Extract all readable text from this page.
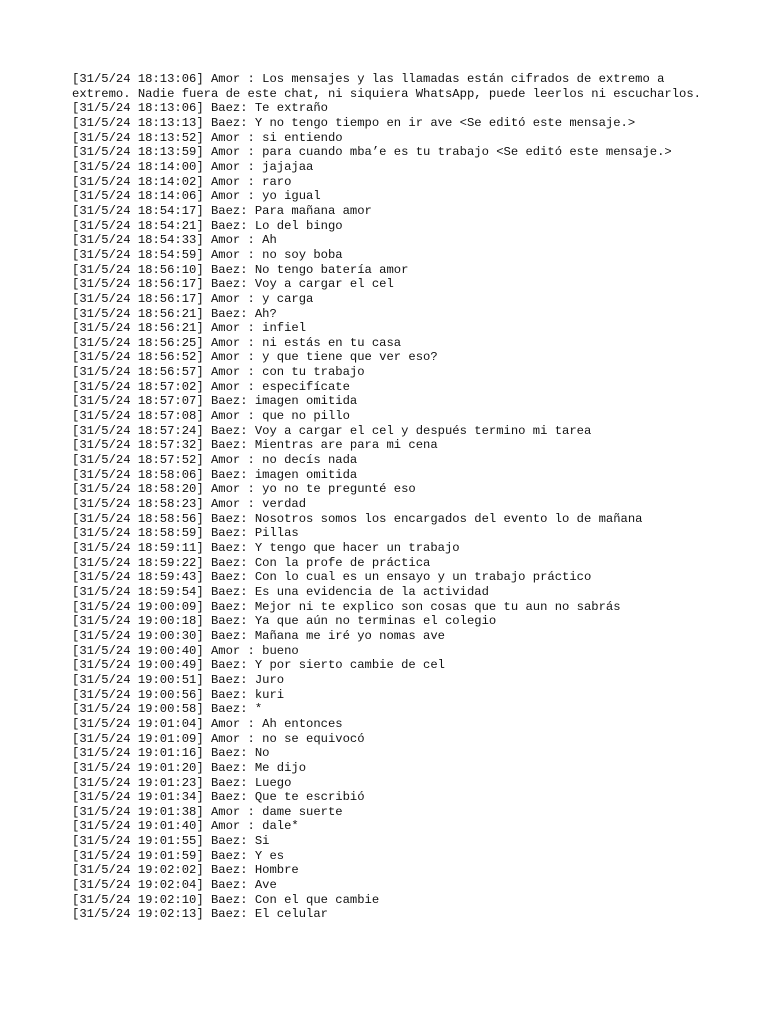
[31/5/24 18:13:06] Amor : Los mensajes y las llamadas están cifrados de extremo a extremo. Nadie fuera de este chat, ni siquiera WhatsApp, puede leerlos ni escucharlos.
[31/5/24 18:13:06] Baez: Te extraño
[31/5/24 18:13:13] Baez: Y no tengo tiempo en ir ave <Se editó este mensaje.>
[31/5/24 18:13:52] Amor : si entiendo
[31/5/24 18:13:59] Amor : para cuando mba’e es tu trabajo <Se editó este mensaje.>
[31/5/24 18:14:00] Amor : jajajaa
[31/5/24 18:14:02] Amor : raro
[31/5/24 18:14:06] Amor : yo igual
[31/5/24 18:54:17] Baez: Para mañana amor
[31/5/24 18:54:21] Baez: Lo del bingo
[31/5/24 18:54:33] Amor : Ah
[31/5/24 18:54:59] Amor : no soy boba
[31/5/24 18:56:10] Baez: No tengo batería amor
[31/5/24 18:56:17] Baez: Voy a cargar el cel
[31/5/24 18:56:17] Amor : y carga
[31/5/24 18:56:21] Baez: Ah?
[31/5/24 18:56:21] Amor : infiel
[31/5/24 18:56:25] Amor : ni estás en tu casa
[31/5/24 18:56:52] Amor : y que tiene que ver eso?
[31/5/24 18:56:57] Amor : con tu trabajo
[31/5/24 18:57:02] Amor : especifícate
[31/5/24 18:57:07] Baez: imagen omitida
[31/5/24 18:57:08] Amor : que no pillo
[31/5/24 18:57:24] Baez: Voy a cargar el cel y después termino mi tarea
[31/5/24 18:57:32] Baez: Mientras are para mi cena
[31/5/24 18:57:52] Amor : no decís nada
[31/5/24 18:58:06] Baez: imagen omitida
[31/5/24 18:58:20] Amor : yo no te pregunté eso
[31/5/24 18:58:23] Amor : verdad
[31/5/24 18:58:56] Baez: Nosotros somos los encargados del evento lo de mañana
[31/5/24 18:58:59] Baez: Pillas
[31/5/24 18:59:11] Baez: Y tengo que hacer un trabajo
[31/5/24 18:59:22] Baez: Con la profe de práctica
[31/5/24 18:59:43] Baez: Con lo cual es un ensayo y un trabajo práctico
[31/5/24 18:59:54] Baez: Es una evidencia de la actividad
[31/5/24 19:00:09] Baez: Mejor ni te explico son cosas que tu aun no sabrás
[31/5/24 19:00:18] Baez: Ya que aún no terminas el colegio
[31/5/24 19:00:30] Baez: Mañana me iré yo nomas ave
[31/5/24 19:00:40] Amor : bueno
[31/5/24 19:00:49] Baez: Y por sierto cambie de cel
[31/5/24 19:00:51] Baez: Juro
[31/5/24 19:00:56] Baez: kuri
[31/5/24 19:00:58] Baez: *
[31/5/24 19:01:04] Amor : Ah entonces
[31/5/24 19:01:09] Amor : no se equivocó
[31/5/24 19:01:16] Baez: No
[31/5/24 19:01:20] Baez: Me dijo
[31/5/24 19:01:23] Baez: Luego
[31/5/24 19:01:34] Baez: Que te escribió
[31/5/24 19:01:38] Amor : dame suerte
[31/5/24 19:01:40] Amor : dale*
[31/5/24 19:01:55] Baez: Si
[31/5/24 19:01:59] Baez: Y es
[31/5/24 19:02:02] Baez: Hombre
[31/5/24 19:02:04] Baez: Ave
[31/5/24 19:02:10] Baez: Con el que cambie
[31/5/24 19:02:13] Baez: El celular
